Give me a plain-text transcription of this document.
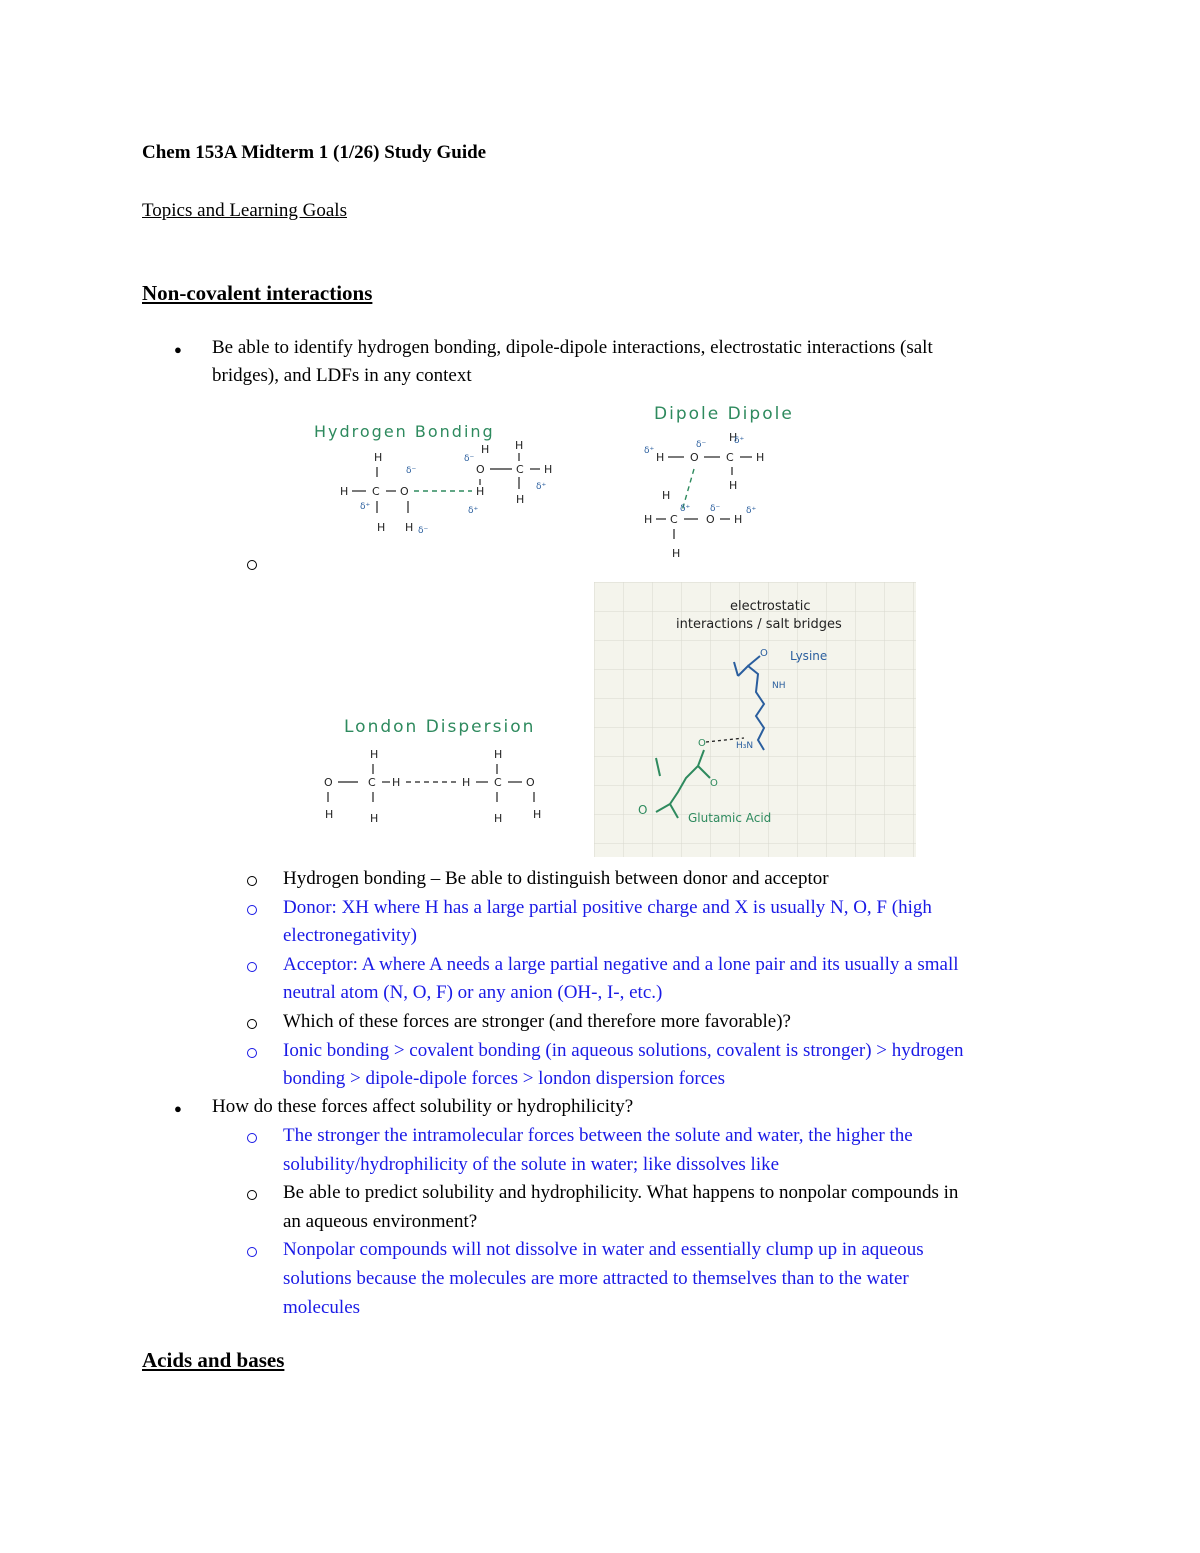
Chem 153A Midterm 1 (1/26) Study Guide
Topics and Learning Goals
Non-covalent interactions
● Be able to identify hydrogen bonding, dipole-dipole interactions, electrostatic interactions (salt
bridges), and LDFs in any context
Hydrogen Bonding
H
H C O
H H
H
O
H
C
H
H
H
δ⁻
δ⁺
δ⁻
δ⁺
δ⁻
δ⁺
Dipole Dipole
H O C H
H
H
H C	O H
H
H
δ⁺
δ⁻	δ⁺
δ⁻	δ⁺
δ⁺
electrostatic
interactions / salt bridges
Lysine
O
NH
H₃N
O
O
O
Glutamic Acid
London Dispersion
H
O	C H	H C O
H
H	H	H	H
Hydrogen bonding – Be able to distinguish between donor and acceptor
Donor: XH where H has a large partial positive charge and X is usually N, O, F (high
electronegativity)
Acceptor: A where A needs a large partial negative and a lone pair and its usually a small
neutral atom (N, O, F) or any anion (OH-, I-, etc.)
Which of these forces are stronger (and therefore more favorable)?
Ionic bonding > covalent bonding (in aqueous solutions, covalent is stronger) > hydrogen
bonding > dipole-dipole forces > london dispersion forces
● How do these forces affect solubility or hydrophilicity?
The stronger the intramolecular forces between the solute and water, the higher the
solubility/hydrophilicity of the solute in water; like dissolves like
Be able to predict solubility and hydrophilicity. What happens to nonpolar compounds in
an aqueous environment?
Nonpolar compounds will not dissolve in water and essentially clump up in aqueous
solutions because the molecules are more attracted to themselves than to the water
molecules
Acids and bases
